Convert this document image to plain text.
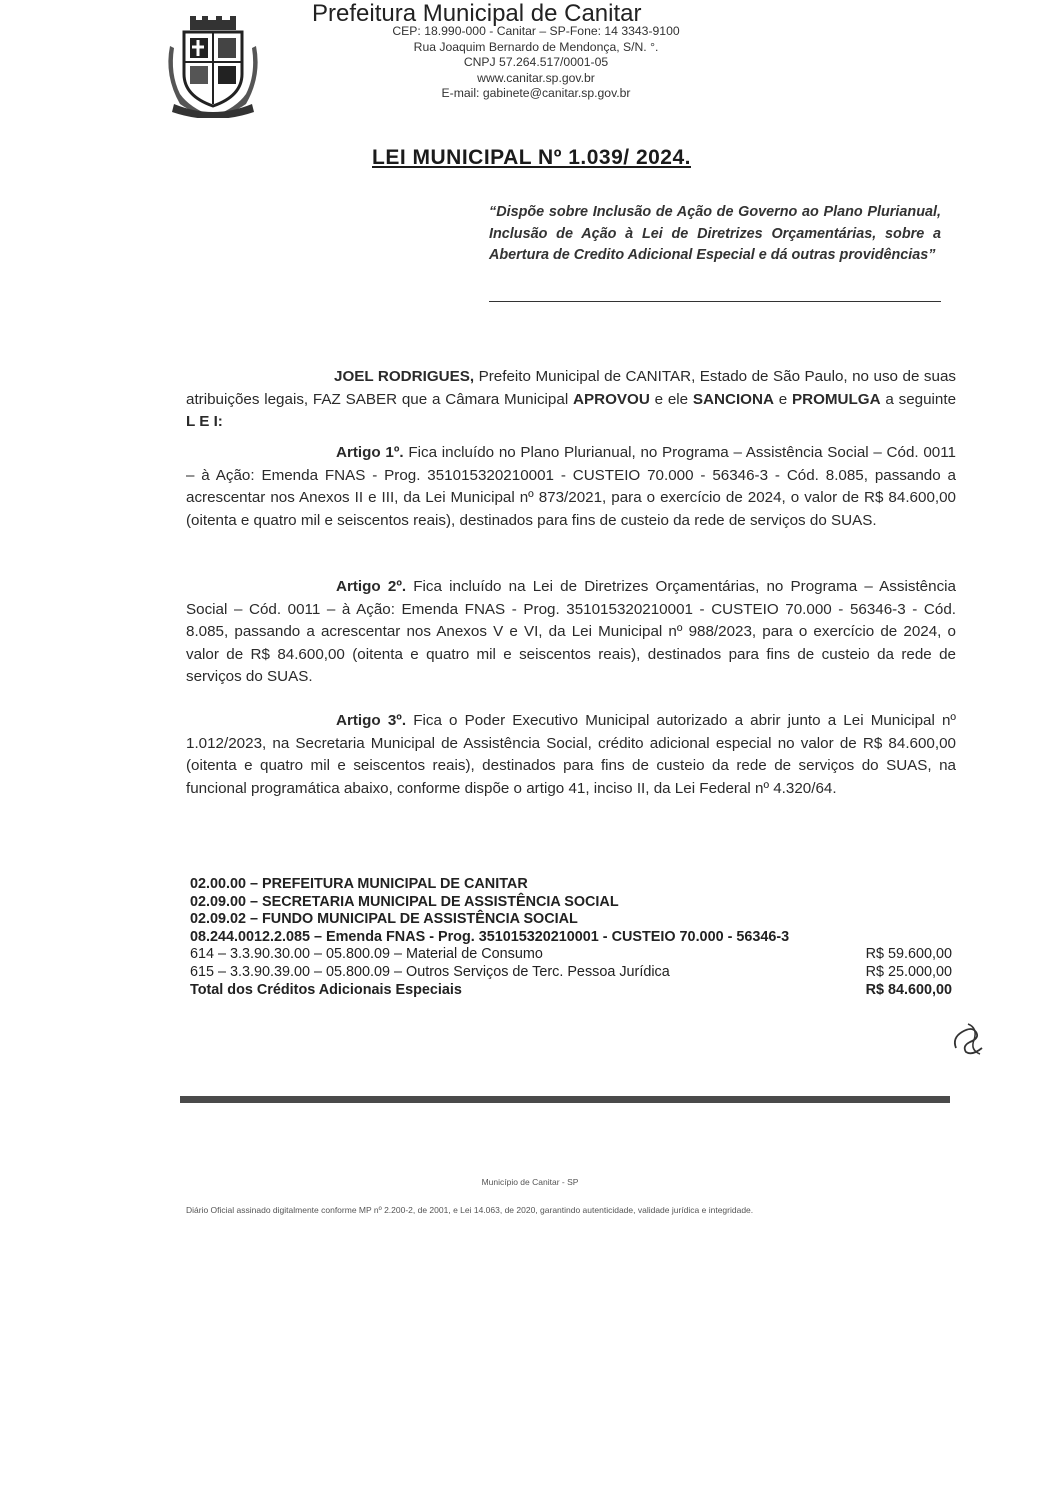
Prefeitura Municipal de Canitar
CEP: 18.990-000 - Canitar – SP-Fone: 14 3343-9100
Rua Joaquim Bernardo de Mendonça, S/N. °.
CNPJ 57.264.517/0001-05
www.canitar.sp.gov.br
E-mail: gabinete@canitar.sp.gov.br
LEI MUNICIPAL Nº 1.039/ 2024.
“Dispõe sobre Inclusão de Ação de Governo ao Plano Plurianual, Inclusão de Ação à Lei de Diretrizes Orçamentárias, sobre a Abertura de Credito Adicional Especial e dá outras providências”
JOEL RODRIGUES, Prefeito Municipal de CANITAR, Estado de São Paulo, no uso de suas atribuições legais, FAZ SABER que a Câmara Municipal APROVOU e ele SANCIONA e PROMULGA a seguinte L E I:
Artigo 1º. Fica incluído no Plano Plurianual, no Programa – Assistência Social – Cód. 0011 – à Ação: Emenda FNAS - Prog. 351015320210001 - CUSTEIO 70.000 - 56346-3 - Cód. 8.085, passando a acrescentar nos Anexos II e III, da Lei Municipal nº 873/2021, para o exercício de 2024, o valor de R$ 84.600,00 (oitenta e quatro mil e seiscentos reais), destinados para fins de custeio da rede de serviços do SUAS.
Artigo 2º. Fica incluído na Lei de Diretrizes Orçamentárias, no Programa – Assistência Social – Cód. 0011 – à Ação: Emenda FNAS - Prog. 351015320210001 - CUSTEIO 70.000 - 56346-3 - Cód. 8.085, passando a acrescentar nos Anexos V e VI, da Lei Municipal nº 988/2023, para o exercício de 2024, o valor de R$ 84.600,00 (oitenta e quatro mil e seiscentos reais), destinados para fins de custeio da rede de serviços do SUAS.
Artigo 3º. Fica o Poder Executivo Municipal autorizado a abrir junto a Lei Municipal nº 1.012/2023, na Secretaria Municipal de Assistência Social, crédito adicional especial no valor de R$ 84.600,00 (oitenta e quatro mil e seiscentos reais), destinados para fins de custeio da rede de serviços do SUAS, na funcional programática abaixo, conforme dispõe o artigo 41, inciso II, da Lei Federal nº 4.320/64.
02.00.00 – PREFEITURA MUNICIPAL DE CANITAR
02.09.00 – SECRETARIA MUNICIPAL DE ASSISTÊNCIA SOCIAL
02.09.02 – FUNDO MUNICIPAL DE ASSISTÊNCIA SOCIAL
08.244.0012.2.085 – Emenda FNAS - Prog. 351015320210001 - CUSTEIO 70.000 - 56346-3
614 – 3.3.90.30.00 – 05.800.09 – Material de Consumo	R$ 59.600,00
615 – 3.3.90.39.00 – 05.800.09 – Outros Serviços de Terc. Pessoa Jurídica	R$ 25.000,00
Total dos Créditos Adicionais Especiais	R$ 84.600,00
Município de Canitar - SP
Diário Oficial assinado digitalmente conforme MP nº 2.200-2, de 2001, e Lei 14.063, de 2020, garantindo autenticidade, validade jurídica e integridade.
